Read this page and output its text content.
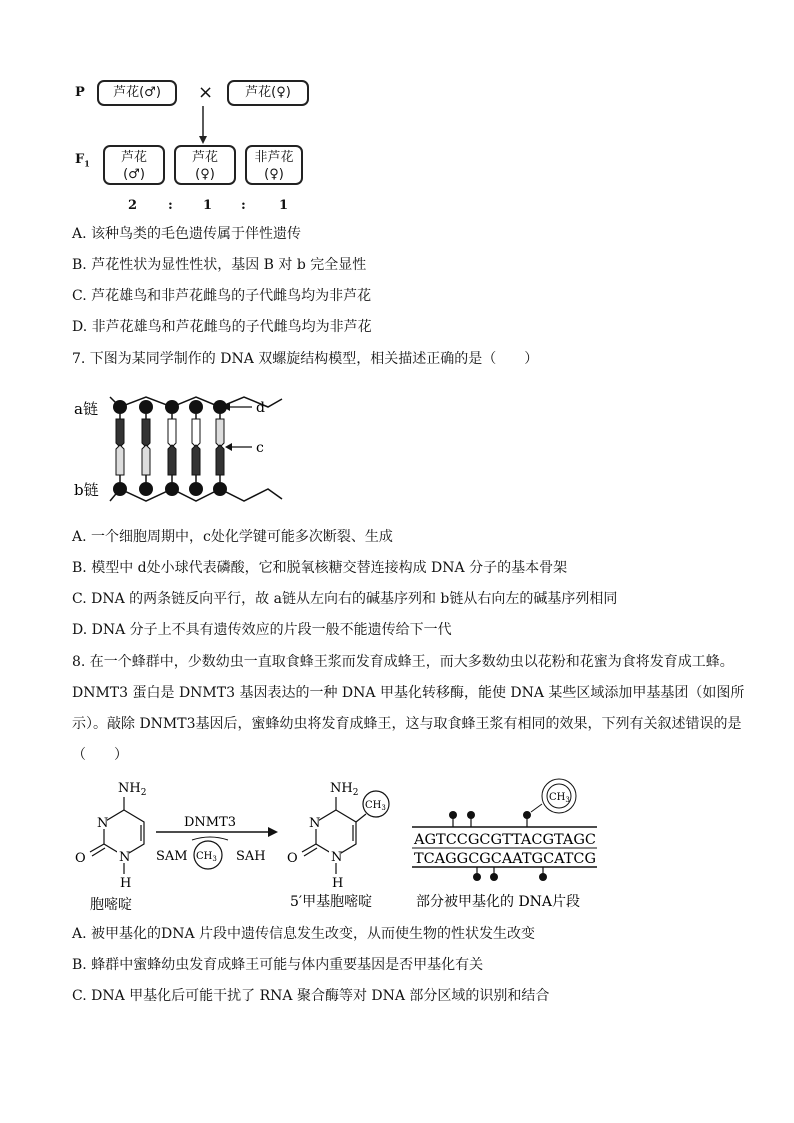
P
$F_1$
芦花(♂)	×	芦花(♀)
芦花
(♂)
芦花
(♀)
非芦花
(♀)
2 : 1 :	1
A. 该种鸟类的毛色遗传属于伴性遗传
B. 芦花性状为显性性状，基因 B 对 b 完全显性
C. 芦花雄鸟和非芦花雌鸟的子代雌鸟均为非芦花
D. 非芦花雄鸟和芦花雌鸟的子代雌鸟均为非芦花
7. 下图为某同学制作的 DNA 双螺旋结构模型，相关描述正确的是（　　）
a链
b链
d
c
A. 一个细胞周期中，c处化学键可能多次断裂、生成
B. 模型中 d处小球代表磷酸，它和脱氧核糖交替连接构成 DNA 分子的基本骨架
C. DNA 的两条链反向平行，故 a链从左向右的碱基序列和 b链从右向左的碱基序列相同
D. DNA 分子上不具有遗传效应的片段一般不能遗传给下一代
8. 在一个蜂群中，少数幼虫一直取食蜂王浆而发育成蜂王，而大多数幼虫以花粉和花蜜为食将发育成工蜂。
DNMT3 蛋白是 DNMT3 基因表达的一种 DNA 甲基化转移酶，能使 DNA 某些区域添加甲基基团（如图所
示）。敲除 DNMT3基因后，蜜蜂幼虫将发育成蜂王，这与取食蜂王浆有相同的效果，下列有关叙述错误的是
（　　）
$NH_2$
N
N
O
H
DNMT3
SAM $CH_3$ SAH
$NH_2$
N
N
O
H
$CH_3$
$CH_3$
AGTCCGCGTTACGTAGC
TCAGGCGCAATGCATCG
胞嘧啶	5′甲基胞嘧啶	部分被甲基化的 DNA片段
A. 被甲基化的DNA 片段中遗传信息发生改变，从而使生物的性状发生改变
B. 蜂群中蜜蜂幼虫发育成蜂王可能与体内重要基因是否甲基化有关
C. DNA 甲基化后可能干扰了 RNA 聚合酶等对 DNA 部分区域的识别和结合
